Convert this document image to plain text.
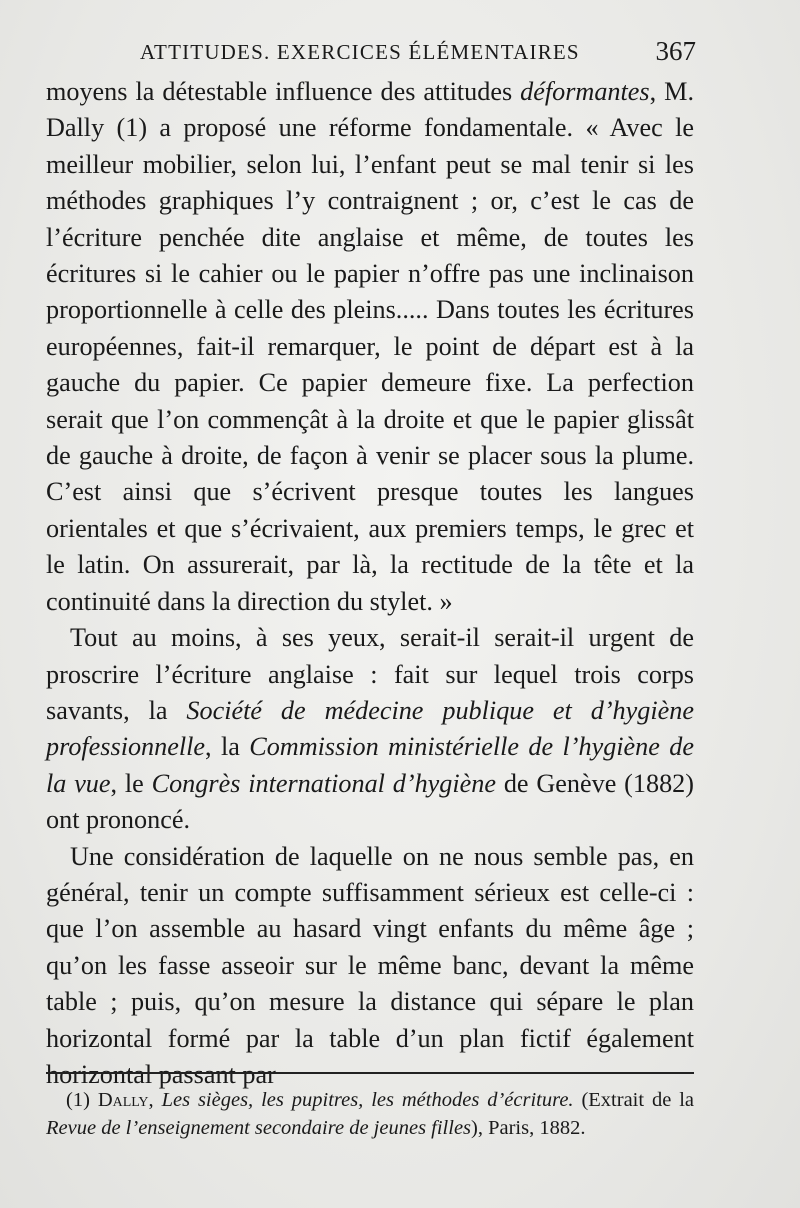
ATTITUDES. EXERCICES ÉLÉMENTAIRES	367

moyens la détestable influence des attitudes déformantes, M. Dally (1) a proposé une réforme fondamentale. « Avec le meilleur mobilier, selon lui, l’enfant peut se mal tenir si les méthodes graphiques l’y contraignent ; or, c’est le cas de l’écriture penchée dite anglaise et même, de toutes les écritures si le cahier ou le papier n’offre pas une inclinaison proportionnelle à celle des pleins..... Dans toutes les écritures européennes, fait-il remarquer, le point de départ est à la gauche du papier. Ce papier demeure fixe. La perfection serait que l’on commençât à la droite et que le papier glissât de gauche à droite, de façon à venir se placer sous la plume. C’est ainsi que s’écrivent presque toutes les langues orientales et que s’écrivaient, aux premiers temps, le grec et le latin. On assurerait, par là, la rectitude de la tête et la continuité dans la direction du stylet. »

Tout au moins, à ses yeux, serait-il serait-il urgent de proscrire l’écriture anglaise : fait sur lequel trois corps savants, la Société de médecine publique et d’hygiène professionnelle, la Commission ministérielle de l’hygiène de la vue, le Congrès international d’hygiène de Genève (1882) ont prononcé.

Une considération de laquelle on ne nous semble pas, en général, tenir un compte suffisamment sérieux est celle-ci : que l’on assemble au hasard vingt enfants du même âge ; qu’on les fasse asseoir sur le même banc, devant la même table ; puis, qu’on mesure la distance qui sépare le plan horizontal formé par la table d’un plan fictif également horizontal passant par

(1) Dally, Les sièges, les pupitres, les méthodes d’écriture. (Extrait de la Revue de l’enseignement secondaire de jeunes filles), Paris, 1882.
